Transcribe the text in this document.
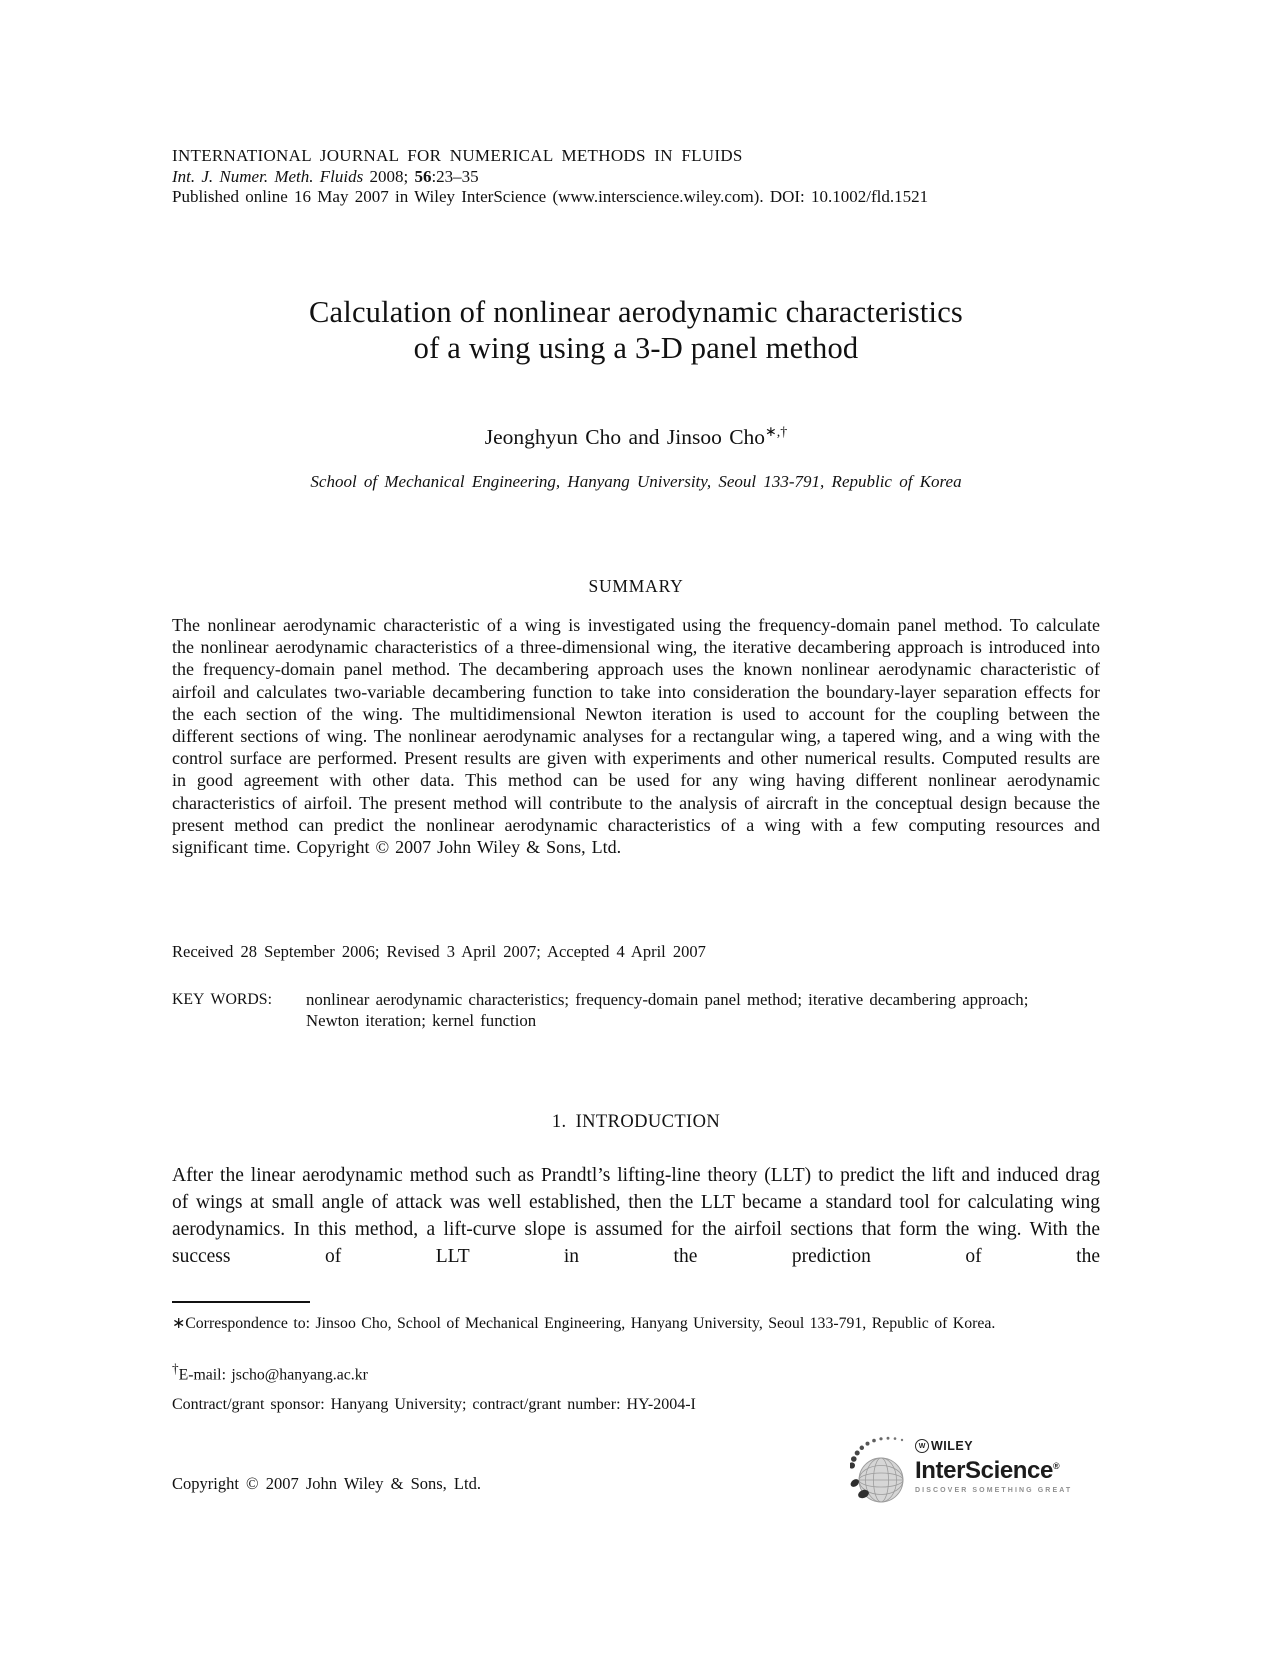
INTERNATIONAL JOURNAL FOR NUMERICAL METHODS IN FLUIDS
Int. J. Numer. Meth. Fluids 2008; 56:23–35
Published online 16 May 2007 in Wiley InterScience (www.interscience.wiley.com). DOI: 10.1002/fld.1521
Calculation of nonlinear aerodynamic characteristics
of a wing using a 3-D panel method
Jeonghyun Cho and Jinsoo Cho∗,†
School of Mechanical Engineering, Hanyang University, Seoul 133-791, Republic of Korea
SUMMARY
The nonlinear aerodynamic characteristic of a wing is investigated using the frequency-domain panel method. To calculate the nonlinear aerodynamic characteristics of a three-dimensional wing, the iterative decambering approach is introduced into the frequency-domain panel method. The decambering approach uses the known nonlinear aerodynamic characteristic of airfoil and calculates two-variable decambering function to take into consideration the boundary-layer separation effects for the each section of the wing. The multidimensional Newton iteration is used to account for the coupling between the different sections of wing. The nonlinear aerodynamic analyses for a rectangular wing, a tapered wing, and a wing with the control surface are performed. Present results are given with experiments and other numerical results. Computed results are in good agreement with other data. This method can be used for any wing having different nonlinear aerodynamic characteristics of airfoil. The present method will contribute to the analysis of aircraft in the conceptual design because the present method can predict the nonlinear aerodynamic characteristics of a wing with a few computing resources and significant time. Copyright © 2007 John Wiley & Sons, Ltd.
Received 28 September 2006; Revised 3 April 2007; Accepted 4 April 2007
KEY WORDS:	nonlinear aerodynamic characteristics; frequency-domain panel method; iterative decambering approach; Newton iteration; kernel function
1. INTRODUCTION
After the linear aerodynamic method such as Prandtl’s lifting-line theory (LLT) to predict the lift and induced drag of wings at small angle of attack was well established, then the LLT became a standard tool for calculating wing aerodynamics. In this method, a lift-curve slope is assumed for the airfoil sections that form the wing. With the success of LLT in the prediction of the
∗Correspondence to: Jinsoo Cho, School of Mechanical Engineering, Hanyang University, Seoul 133-791, Republic of Korea.
†E-mail: jscho@hanyang.ac.kr
Contract/grant sponsor: Hanyang University; contract/grant number: HY-2004-I
Copyright © 2007 John Wiley & Sons, Ltd.
W WILEY
InterScience®
DISCOVER SOMETHING GREAT
